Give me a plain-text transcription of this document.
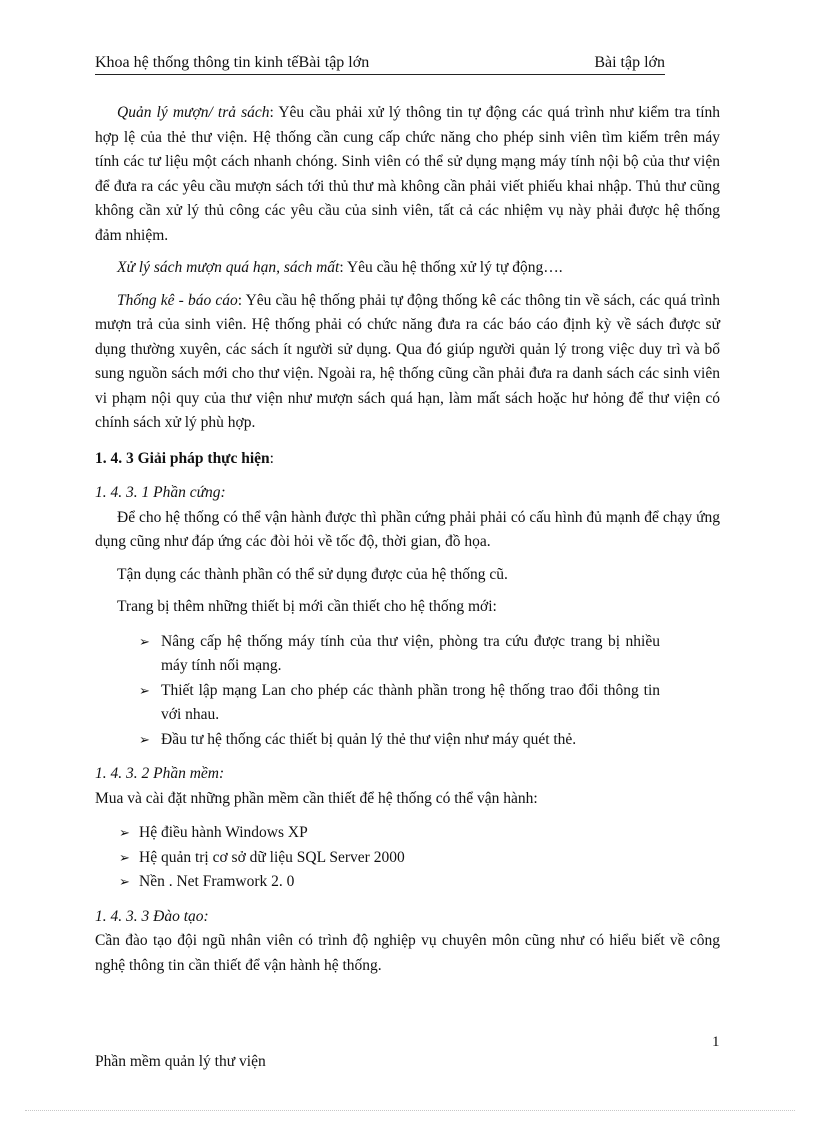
Khoa hệ thống thông tin kinh tếBài tập lớn	Bài tập lớn

Quản lý mượn/ trả sách: Yêu cầu phải xử lý thông tin tự động các quá trình như kiểm tra tính hợp lệ của thẻ thư viện. Hệ thống cần cung cấp chức năng cho phép sinh viên tìm kiếm trên máy tính các tư liệu một cách nhanh chóng. Sinh viên có thể sử dụng mạng máy tính nội bộ của thư viện để đưa ra các yêu cầu mượn sách tới thủ thư mà không cần phải viết phiếu khai nhập. Thủ thư cũng không cần xử lý thủ công các yêu cầu của sinh viên, tất cả các nhiệm vụ này phải được hệ thống đảm nhiệm.

Xử lý sách mượn quá hạn, sách mất: Yêu cầu hệ thống xử lý tự động….

Thống kê - báo cáo: Yêu cầu hệ thống phải tự động thống kê các thông tin về sách, các quá trình mượn trả của sinh viên. Hệ thống phải có chức năng đưa ra các báo cáo định kỳ về sách được sử dụng thường xuyên, các sách ít người sử dụng. Qua đó giúp người quản lý trong việc duy trì và bổ sung nguồn sách mới cho thư viện. Ngoài ra, hệ thống cũng cần phải đưa ra danh sách các sinh viên vi phạm nội quy của thư viện như mượn sách quá hạn, làm mất sách hoặc hư hỏng để thư viện có chính sách xử lý phù hợp.

1. 4. 3 Giải pháp thực hiện:

1. 4. 3. 1 Phần cứng:

Để cho hệ thống có thể vận hành được thì phần cứng phải phải có cấu hình đủ mạnh để chạy ứng dụng cũng như đáp ứng các đòi hỏi về tốc độ, thời gian, đồ họa.

Tận dụng các thành phần có thể sử dụng được của hệ thống cũ.

Trang bị thêm những thiết bị mới cần thiết cho hệ thống mới:

➢ Nâng cấp hệ thống máy tính của thư viện, phòng tra cứu được trang bị nhiều máy tính nối mạng.
➢ Thiết lập mạng Lan cho phép các thành phần trong hệ thống trao đổi thông tin với nhau.
➢ Đầu tư hệ thống các thiết bị quản lý thẻ thư viện như máy quét thẻ.

1. 4. 3. 2 Phần mềm:

Mua và cài đặt những phần mềm cần thiết để hệ thống có thể vận hành:

➢ Hệ điều hành Windows XP
➢ Hệ quản trị cơ sở dữ liệu SQL Server 2000
➢ Nền . Net Framwork 2. 0

1. 4. 3. 3 Đào tạo:

Cần đào tạo đội ngũ nhân viên có trình độ nghiệp vụ chuyên môn cũng như có hiểu biết về công nghệ thông tin cần thiết để vận hành hệ thống.

1
Phần mềm quản lý thư viện
